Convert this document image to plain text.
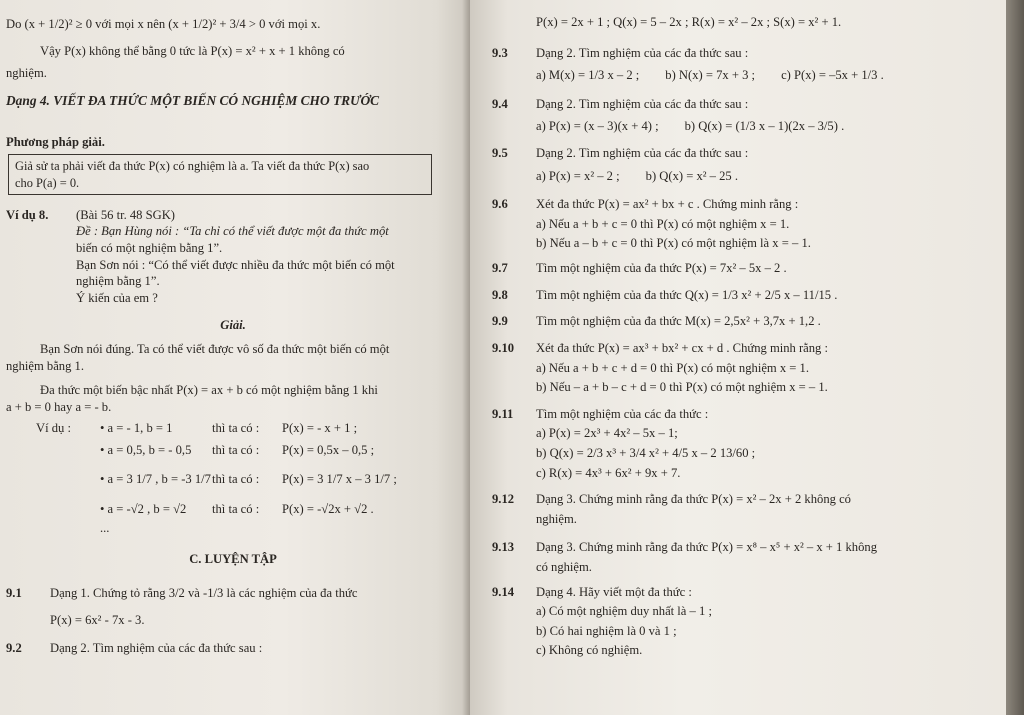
Do (x + 1/2)² ≥ 0 với mọi x nên (x + 1/2)² + 3/4 > 0 với mọi x.

Vậy P(x) không thể bằng 0 tức là P(x) = x² + x + 1 không có

nghiệm.

Dạng 4. VIẾT ĐA THỨC MỘT BIẾN CÓ NGHIỆM CHO TRƯỚC

Phương pháp giải.

Giả sử ta phải viết đa thức P(x) có nghiệm là a. Ta viết đa thức P(x) sao

cho P(a) = 0.

Ví dụ 8.	(Bài 56 tr. 48 SGK)

Đề : Bạn Hùng nói : “Ta chỉ có thể viết được một đa thức một

biến có một nghiệm bằng 1”.

Bạn Sơn nói : “Có thể viết được nhiều đa thức một biến có một

nghiệm bằng 1”.

Ý kiến của em ?

Giải.

Bạn Sơn nói đúng. Ta có thể viết được vô số đa thức một biến có một

nghiệm bằng 1.

Đa thức một biến bậc nhất P(x) = ax + b có một nghiệm bằng 1 khi

a + b = 0 hay a = - b.

Ví dụ :	• a = - 1, b = 1	thì ta có :	P(x) = - x + 1 ;
• a = 0,5, b = - 0,5	thì ta có :	P(x) = 0,5x – 0,5 ;
• a = 3 1/7 , b = -3 1/7 thì ta có :	P(x) = 3 1/7 x – 3 1/7 ;
• a = -√2 , b = √2	thì ta có :	P(x) = -√2x + √2 .

...

C. LUYỆN TẬP

9.1	Dạng 1. Chứng tỏ rằng 3/2 và -1/3 là các nghiệm của đa thức

P(x) = 6x² - 7x - 3.

9.2	Dạng 2. Tìm nghiệm của các đa thức sau :

P(x) = 2x + 1 ; Q(x) = 5 – 2x ; R(x) = x² – 2x ; S(x) = x² + 1.

9.3	Dạng 2. Tìm nghiệm của các đa thức sau :

a) M(x) = 1/3 x – 2 ; b) N(x) = 7x + 3 ; c) P(x) = –5x + 1/3 .
9.4	Dạng 2. Tìm nghiệm của các đa thức sau :

a) P(x) = (x – 3)(x + 4) ; b) Q(x) = (1/3 x – 1)(2x – 3/5) .
9.5	Dạng 2. Tìm nghiệm của các đa thức sau :

a) P(x) = x² – 2 ; b) Q(x) = x² – 25 .
9.6	Xét đa thức P(x) = ax² + bx + c . Chứng minh rằng :

a) Nếu a + b + c = 0 thì P(x) có một nghiệm x = 1.

b) Nếu a – b + c = 0 thì P(x) có một nghiệm là x = – 1.

9.7	Tìm một nghiệm của đa thức P(x) = 7x² – 5x – 2 .

9.8	Tìm một nghiệm của đa thức Q(x) = 1/3 x² + 2/5 x – 11/15 .

9.9	Tìm một nghiệm của đa thức M(x) = 2,5x² + 3,7x + 1,2 .

9.10	Xét đa thức P(x) = ax³ + bx² + cx + d . Chứng minh rằng :

a) Nếu a + b + c + d = 0 thì P(x) có một nghiệm x = 1.

b) Nếu – a + b – c + d = 0 thì P(x) có một nghiệm x = – 1.

9.11	Tìm một nghiệm của các đa thức :

a) P(x) = 2x³ + 4x² – 5x – 1;

b) Q(x) = 2/3 x³ + 3/4 x² + 4/5 x – 2 13/60 ;

c) R(x) = 4x³ + 6x² + 9x + 7.

9.12	Dạng 3. Chứng minh rằng đa thức P(x) = x² – 2x + 2 không có

nghiệm.

9.13	Dạng 3. Chứng minh rằng đa thức P(x) = x⁸ – x⁵ + x² – x + 1 không

có nghiệm.

9.14	Dạng 4. Hãy viết một đa thức :

a) Có một nghiệm duy nhất là – 1 ;

b) Có hai nghiệm là 0 và 1 ;

c) Không có nghiệm.
